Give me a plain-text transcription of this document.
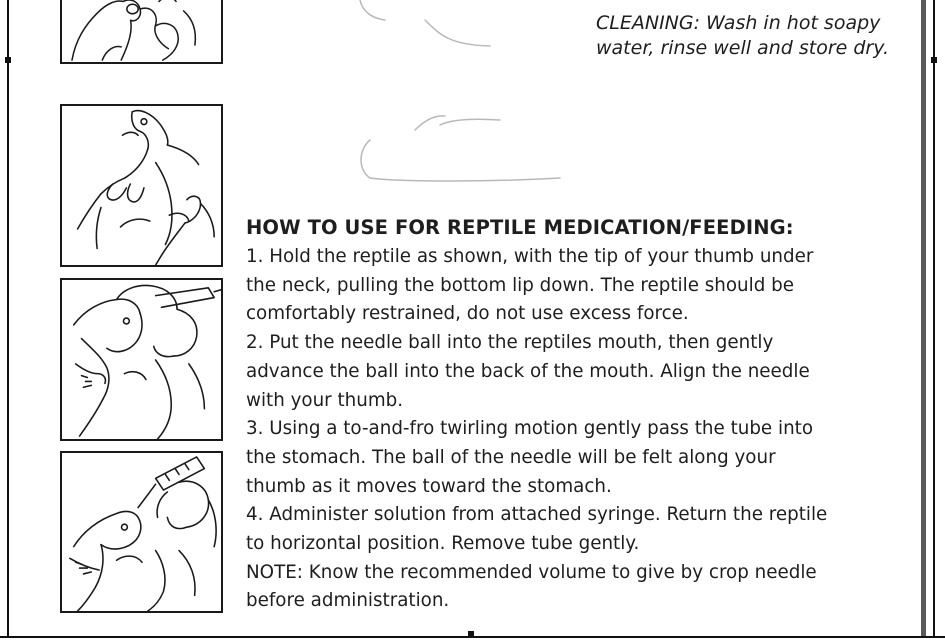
CLEANING: Wash in hot soapy

water, rinse well and store dry.

HOW TO USE FOR REPTILE MEDICATION/FEEDING:

1. Hold the reptile as shown, with the tip of your thumb under

the neck, pulling the bottom lip down. The reptile should be

comfortably restrained, do not use excess force.

2. Put the needle ball into the reptiles mouth, then gently

advance the ball into the back of the mouth. Align the needle

with your thumb.

3. Using a to-and-fro twirling motion gently pass the tube into

the stomach. The ball of the needle will be felt along your

thumb as it moves toward the stomach.

4. Administer solution from attached syringe. Return the reptile

to horizontal position. Remove tube gently.

NOTE: Know the recommended volume to give by crop needle

before administration.
